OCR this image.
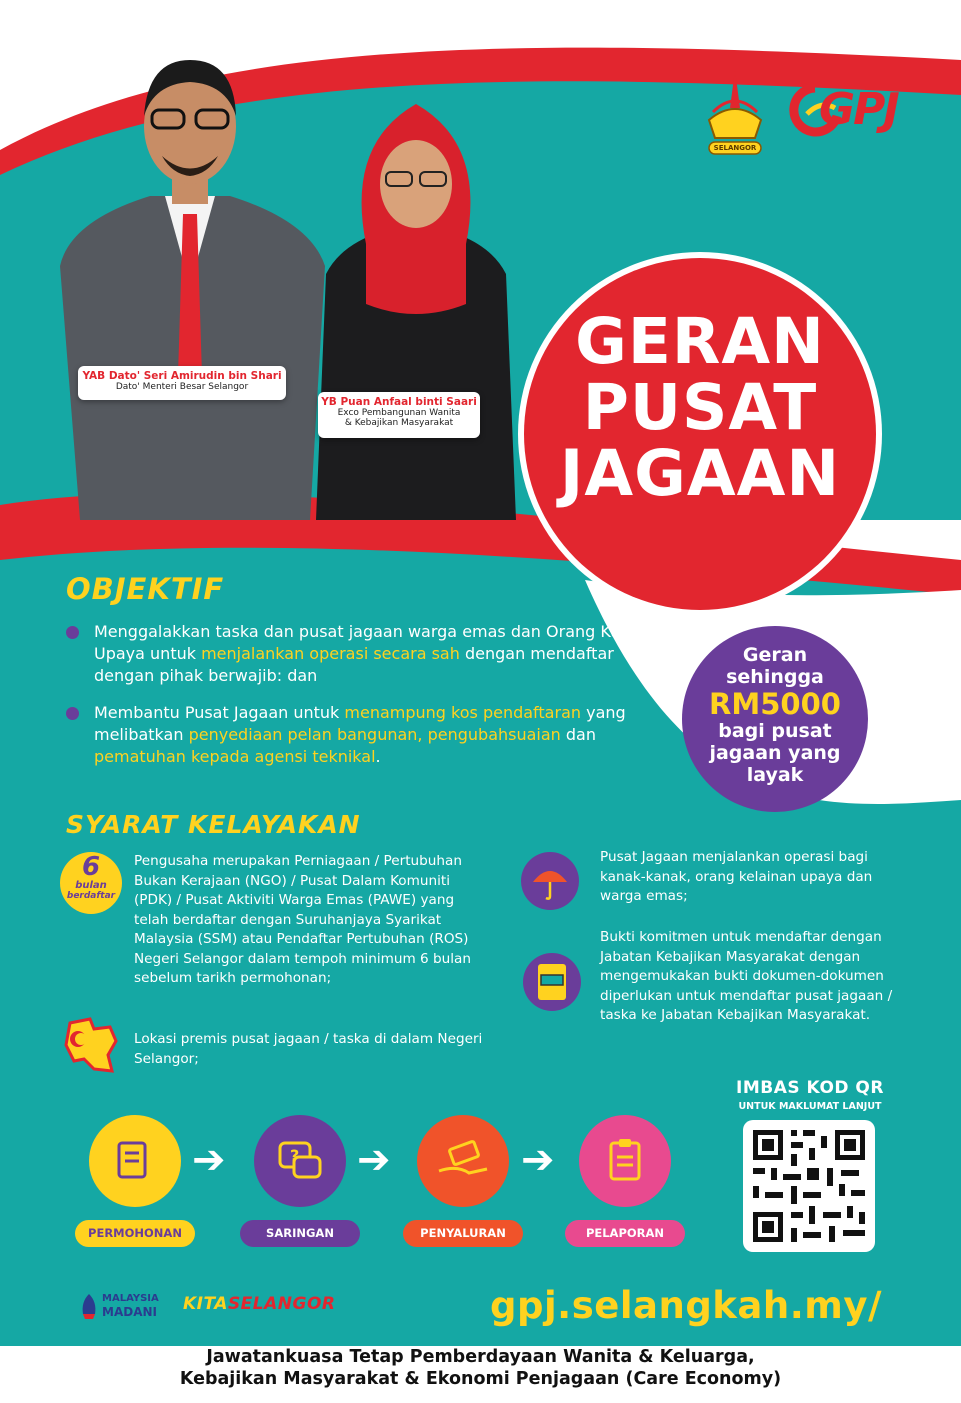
SELANGOR
GPJ
YAB Dato' Seri Amirudin bin Shari
Dato' Menteri Besar Selangor
YB Puan Anfaal binti Saari
Exco Pembangunan Wanita
& Kebajikan Masyarakat
GERAN
PUSAT
JAGAAN
OBJEKTIF
Menggalakkan taska dan pusat jagaan warga emas dan Orang Kurang Upaya untuk menjalankan operasi secara sah dengan mendaftar dengan pihak berwajib: dan
Membantu Pusat Jagaan untuk menampung kos pendaftaran yang melibatkan penyediaan pelan bangunan, pengubahsuaian dan pematuhan kepada agensi teknikal.
Geran
sehingga
RM5000
bagi pusat
jagaan yang
layak
SYARAT KELAYAKAN
6
bulan
berdaftar
Pengusaha merupakan Perniagaan / Pertubuhan Bukan Kerajaan (NGO) / Pusat Dalam Komuniti (PDK) / Pusat Aktiviti Warga Emas (PAWE) yang telah berdaftar dengan Suruhanjaya Syarikat Malaysia (SSM) atau Pendaftar Pertubuhan (ROS) Negeri Selangor dalam tempoh minimum 6 bulan sebelum tarikh permohonan;
Lokasi premis pusat jagaan / taska di dalam Negeri Selangor;
Pusat Jagaan menjalankan operasi bagi kanak-kanak, orang kelainan upaya dan warga emas;
Bukti komitmen untuk mendaftar dengan Jabatan Kebajikan Masyarakat dengan mengemukakan bukti dokumen-dokumen diperlukan untuk mendaftar pusat jagaan / taska ke Jabatan Kebajikan Masyarakat.
PERMOHONAN
➔	?
SARINGAN
➔
PENYALURAN
➔
PELAPORAN
IMBAS KOD QR
UNTUK MAKLUMAT LANJUT
MALAYSIA
MADANI KITASELANGOR	gpj.selangkah.my/
Jawatankuasa Tetap Pemberdayaan Wanita & Keluarga,
Kebajikan Masyarakat & Ekonomi Penjagaan (Care Economy)
